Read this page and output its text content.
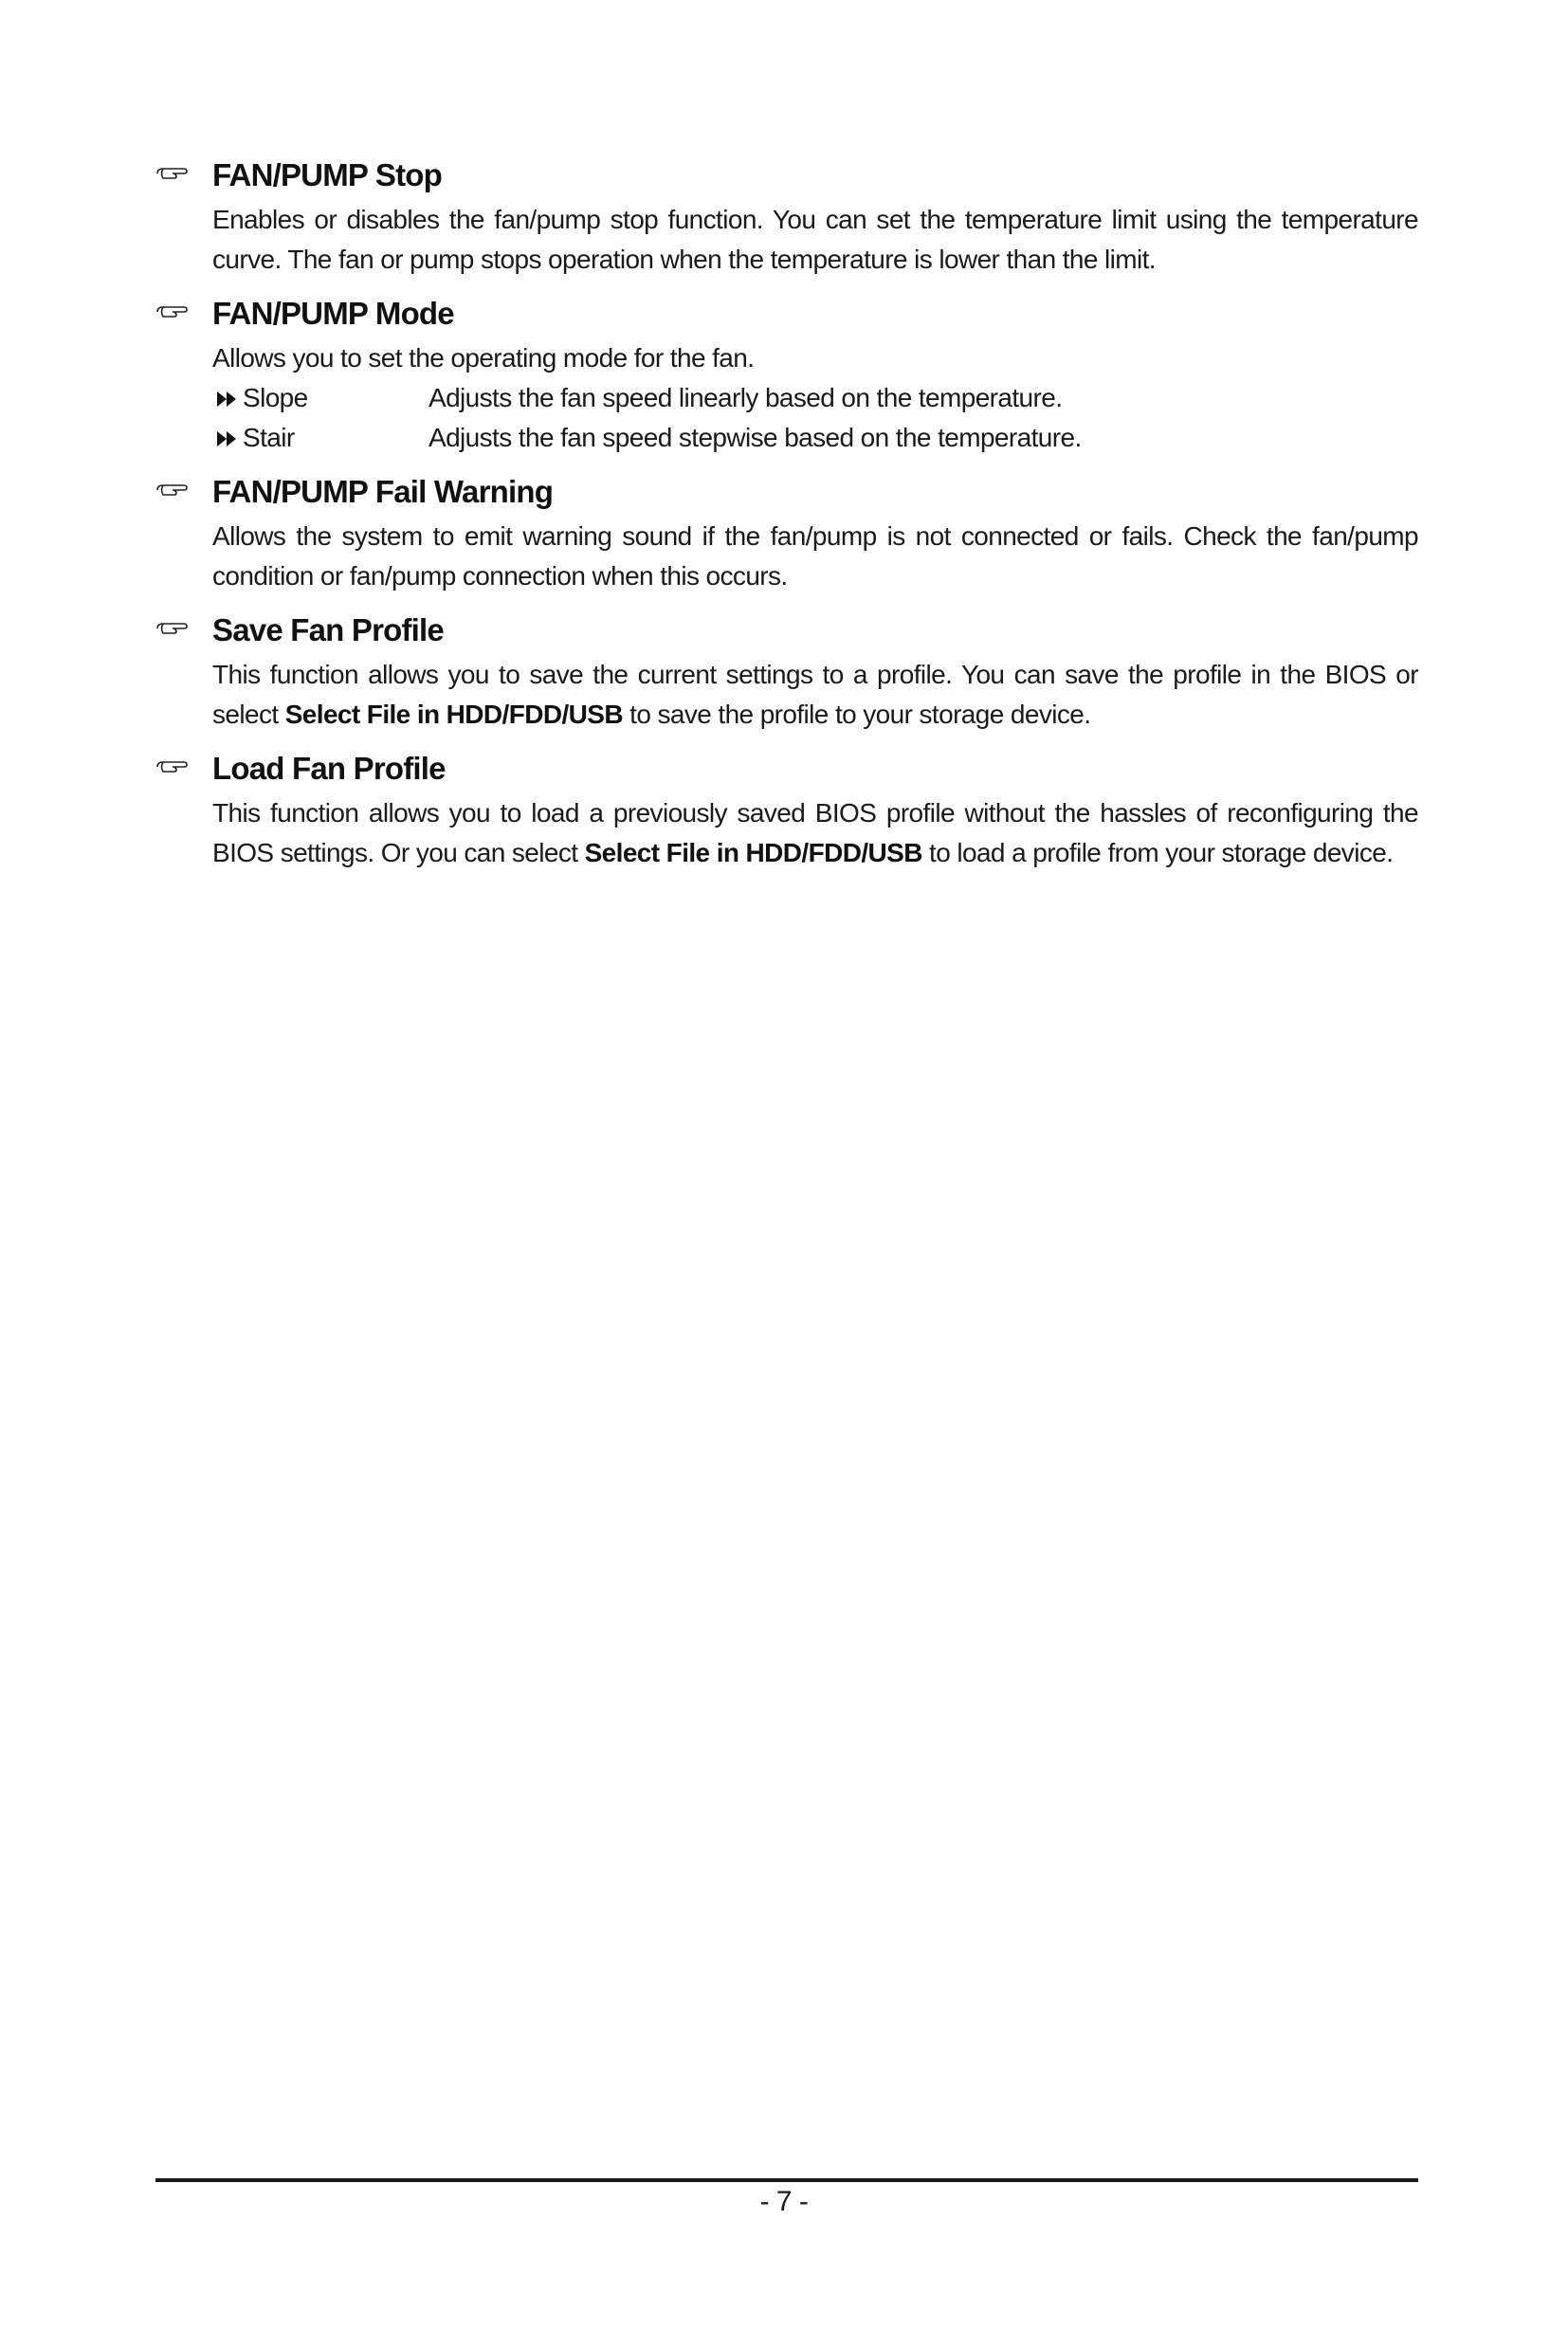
FAN/PUMP Stop

Enables or disables the fan/pump stop function. You can set the temperature limit using the temperature curve. The fan or pump stops operation when the temperature is lower than the limit.

FAN/PUMP Mode

Allows you to set the operating mode for the fan.

Slope	Adjusts the fan speed linearly based on the temperature.
Stair	Adjusts the fan speed stepwise based on the temperature.
FAN/PUMP Fail Warning

Allows the system to emit warning sound if the fan/pump is not connected or fails. Check the fan/pump condition or fan/pump connection when this occurs.

Save Fan Profile

This function allows you to save the current settings to a profile. You can save the profile in the BIOS or select Select File in HDD/FDD/USB to save the profile to your storage device.

Load Fan Profile

This function allows you to load a previously saved BIOS profile without the hassles of reconfiguring the BIOS settings. Or you can select Select File in HDD/FDD/USB to load a profile from your storage device.

- 7 -
